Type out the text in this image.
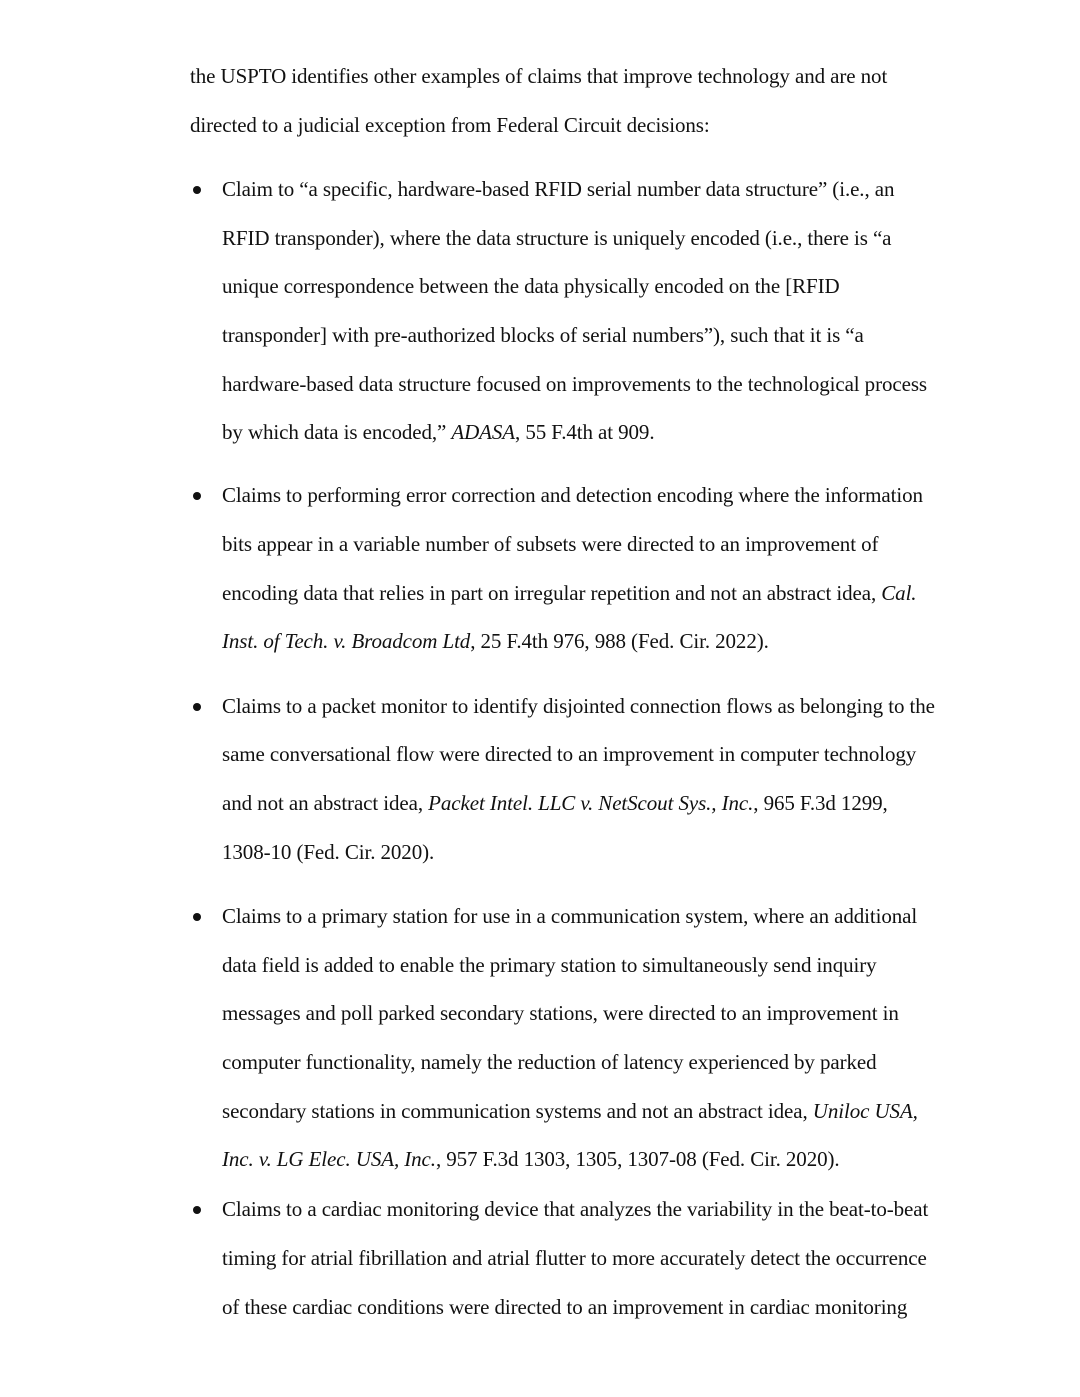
the USPTO identifies other examples of claims that improve technology and are not
directed to a judicial exception from Federal Circuit decisions:
Claim to “a specific, hardware-based RFID serial number data structure” (i.e., an
RFID transponder), where the data structure is uniquely encoded (i.e., there is “a
unique correspondence between the data physically encoded on the [RFID
transponder] with pre-authorized blocks of serial numbers”), such that it is “a
hardware-based data structure focused on improvements to the technological process
by which data is encoded,” ADASA, 55 F.4th at 909.
Claims to performing error correction and detection encoding where the information
bits appear in a variable number of subsets were directed to an improvement of
encoding data that relies in part on irregular repetition and not an abstract idea, Cal.
Inst. of Tech. v. Broadcom Ltd, 25 F.4th 976, 988 (Fed. Cir. 2022).
Claims to a packet monitor to identify disjointed connection flows as belonging to the
same conversational flow were directed to an improvement in computer technology
and not an abstract idea, Packet Intel. LLC v. NetScout Sys., Inc., 965 F.3d 1299,
1308-10 (Fed. Cir. 2020).
Claims to a primary station for use in a communication system, where an additional
data field is added to enable the primary station to simultaneously send inquiry
messages and poll parked secondary stations, were directed to an improvement in
computer functionality, namely the reduction of latency experienced by parked
secondary stations in communication systems and not an abstract idea, Uniloc USA,
Inc. v. LG Elec. USA, Inc., 957 F.3d 1303, 1305, 1307-08 (Fed. Cir. 2020).
Claims to a cardiac monitoring device that analyzes the variability in the beat-to-beat
timing for atrial fibrillation and atrial flutter to more accurately detect the occurrence
of these cardiac conditions were directed to an improvement in cardiac monitoring
